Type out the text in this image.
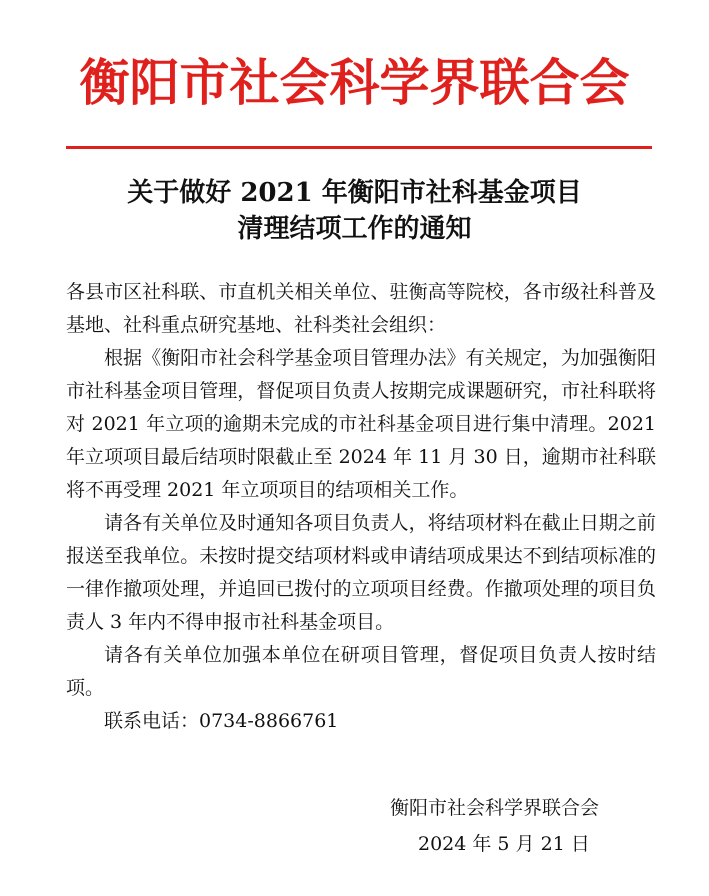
衡阳市社会科学界联合会
关于做好 2021 年衡阳市社科基金项目
清理结项工作的通知

各县市区社科联、市直机关相关单位、驻衡高等院校，各市级社科普及基地、社科重点研究基地、社科类社会组织：

根据《衡阳市社会科学基金项目管理办法》有关规定，为加强衡阳市社科基金项目管理，督促项目负责人按期完成课题研究，市社科联将对 2021 年立项的逾期未完成的市社科基金项目进行集中清理。2021 年立项项目最后结项时限截止至 2024 年 11 月 30 日，逾期市社科联将不再受理 2021 年立项项目的结项相关工作。

请各有关单位及时通知各项目负责人，将结项材料在截止日期之前报送至我单位。未按时提交结项材料或申请结项成果达不到结项标准的一律作撤项处理，并追回已拨付的立项项目经费。作撤项处理的项目负责人 3 年内不得申报市社科基金项目。

请各有关单位加强本单位在研项目管理，督促项目负责人按时结项。

联系电话：0734-8866761

衡阳市社会科学界联合会
2024 年 5 月 21 日
